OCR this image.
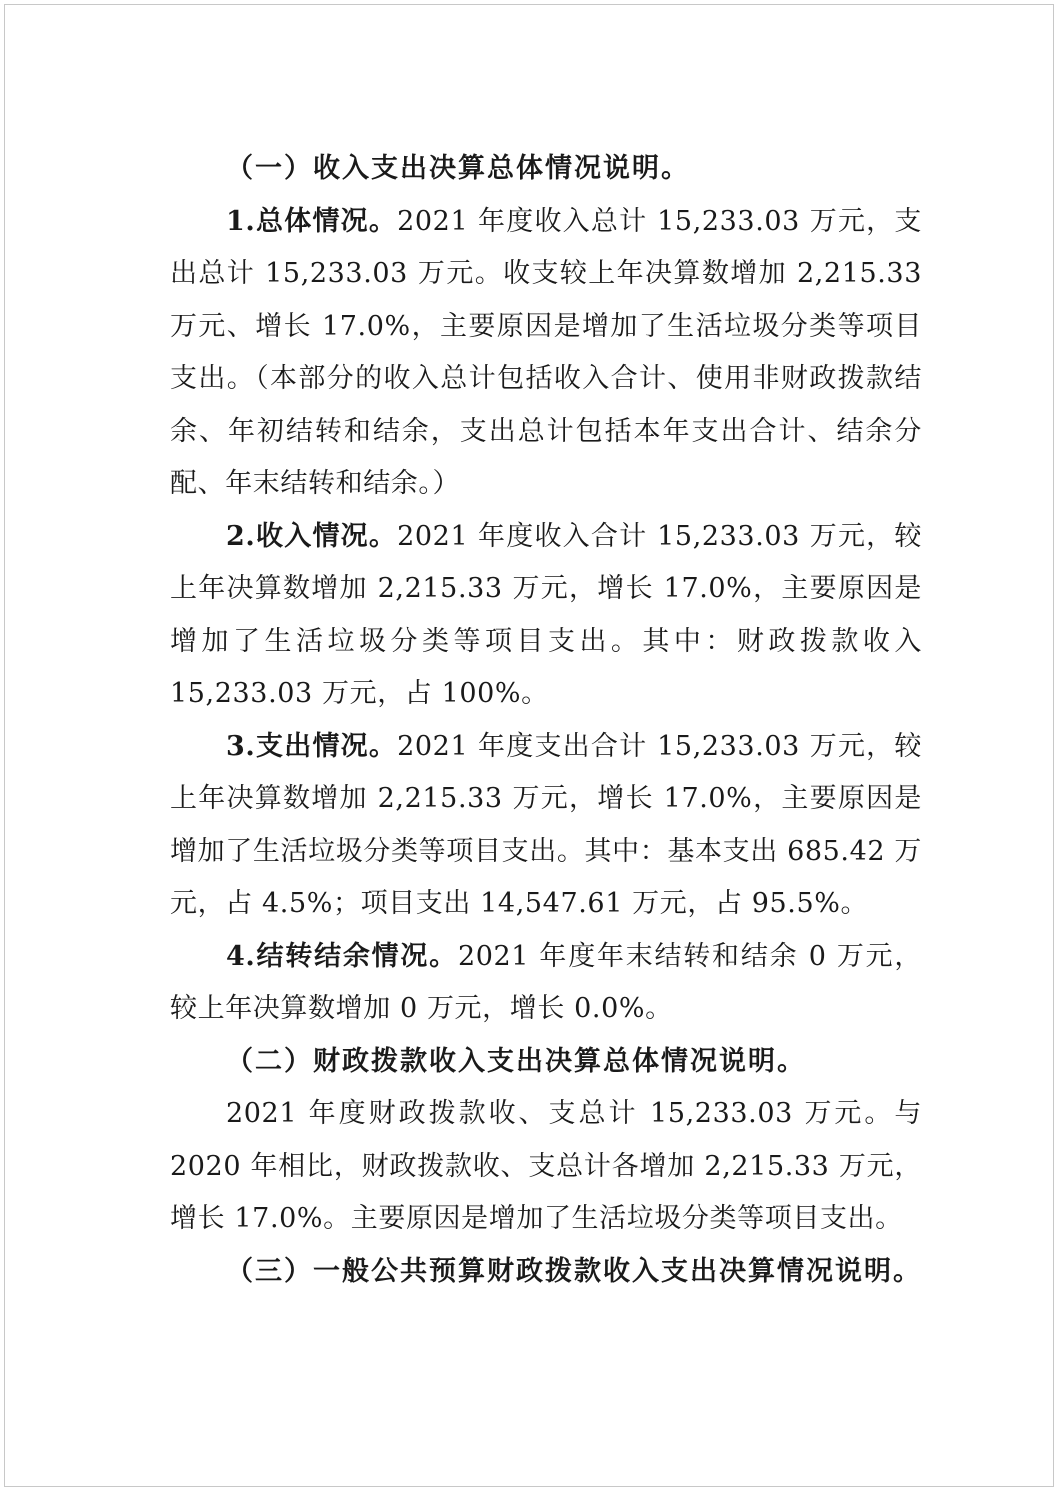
（一）收入支出决算总体情况说明。

1.总体情况。2021 年度收入总计 15,233.03 万元，支出总计 15,233.03 万元。收支较上年决算数增加 2,215.33 万元、增长 17.0%，主要原因是增加了生活垃圾分类等项目支出。（本部分的收入总计包括收入合计、使用非财政拨款结余、年初结转和结余，支出总计包括本年支出合计、结余分配、年末结转和结余。）

2.收入情况。2021 年度收入合计 15,233.03 万元，较上年决算数增加 2,215.33 万元，增长 17.0%，主要原因是增加了生活垃圾分类等项目支出。其中：财政拨款收入 15,233.03 万元，占 100%。

3.支出情况。2021 年度支出合计 15,233.03 万元，较上年决算数增加 2,215.33 万元，增长 17.0%，主要原因是增加了生活垃圾分类等项目支出。其中：基本支出 685.42 万元，占 4.5%；项目支出 14,547.61 万元，占 95.5%。

4.结转结余情况。2021 年度年末结转和结余 0 万元，较上年决算数增加 0 万元，增长 0.0%。

（二）财政拨款收入支出决算总体情况说明。

2021 年度财政拨款收、支总计 15,233.03 万元。与 2020 年相比，财政拨款收、支总计各增加 2,215.33 万元，增长 17.0%。主要原因是增加了生活垃圾分类等项目支出。

（三）一般公共预算财政拨款收入支出决算情况说明。
